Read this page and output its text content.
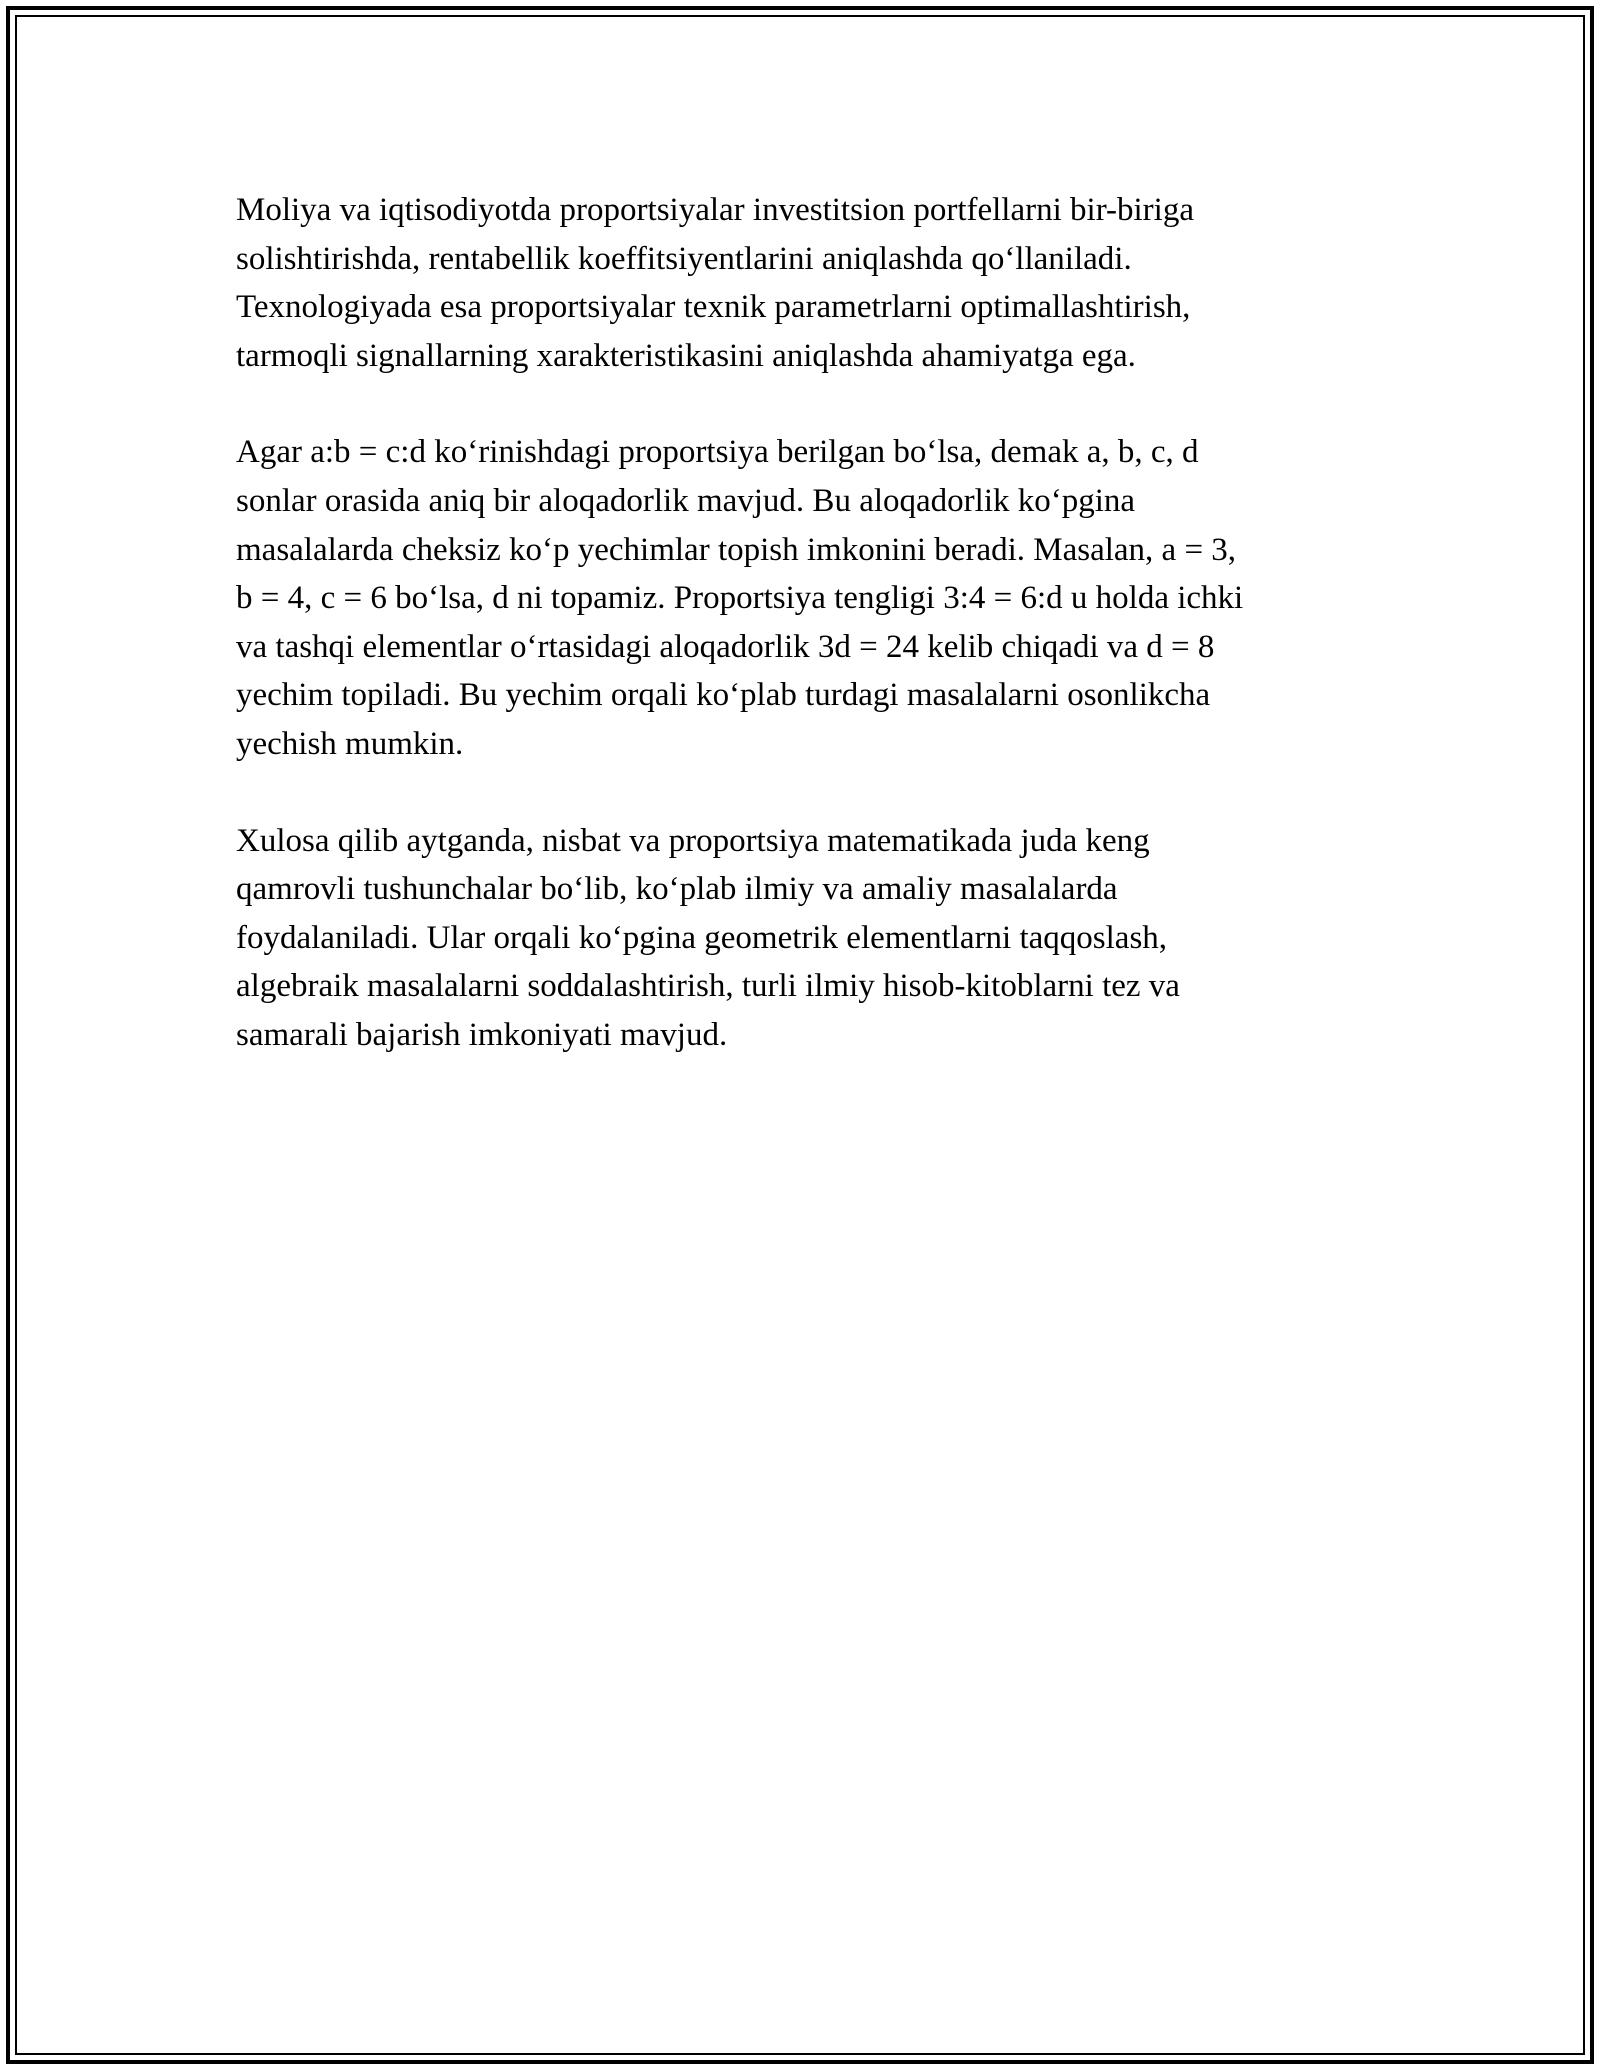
Moliya va iqtisodiyotda proportsiyalar investitsion portfellarni bir-biriga
solishtirishda, rentabellik koeffitsiyentlarini aniqlashda qo‘llaniladi.
Texnologiyada esa proportsiyalar texnik parametrlarni optimallashtirish,
tarmoqli signallarning xarakteristikasini aniqlashda ahamiyatga ega.

Agar a:b = c:d ko‘rinishdagi proportsiya berilgan bo‘lsa, demak a, b, c, d
sonlar orasida aniq bir aloqadorlik mavjud. Bu aloqadorlik ko‘pgina
masalalarda cheksiz ko‘p yechimlar topish imkonini beradi. Masalan, a = 3,
b = 4, c = 6 bo‘lsa, d ni topamiz. Proportsiya tengligi 3:4 = 6:d u holda ichki
va tashqi elementlar o‘rtasidagi aloqadorlik 3d = 24 kelib chiqadi va d = 8
yechim topiladi. Bu yechim orqali ko‘plab turdagi masalalarni osonlikcha
yechish mumkin.

Xulosa qilib aytganda, nisbat va proportsiya matematikada juda keng
qamrovli tushunchalar bo‘lib, ko‘plab ilmiy va amaliy masalalarda
foydalaniladi. Ular orqali ko‘pgina geometrik elementlarni taqqoslash,
algebraik masalalarni soddalashtirish, turli ilmiy hisob-kitoblarni tez va
samarali bajarish imkoniyati mavjud.
